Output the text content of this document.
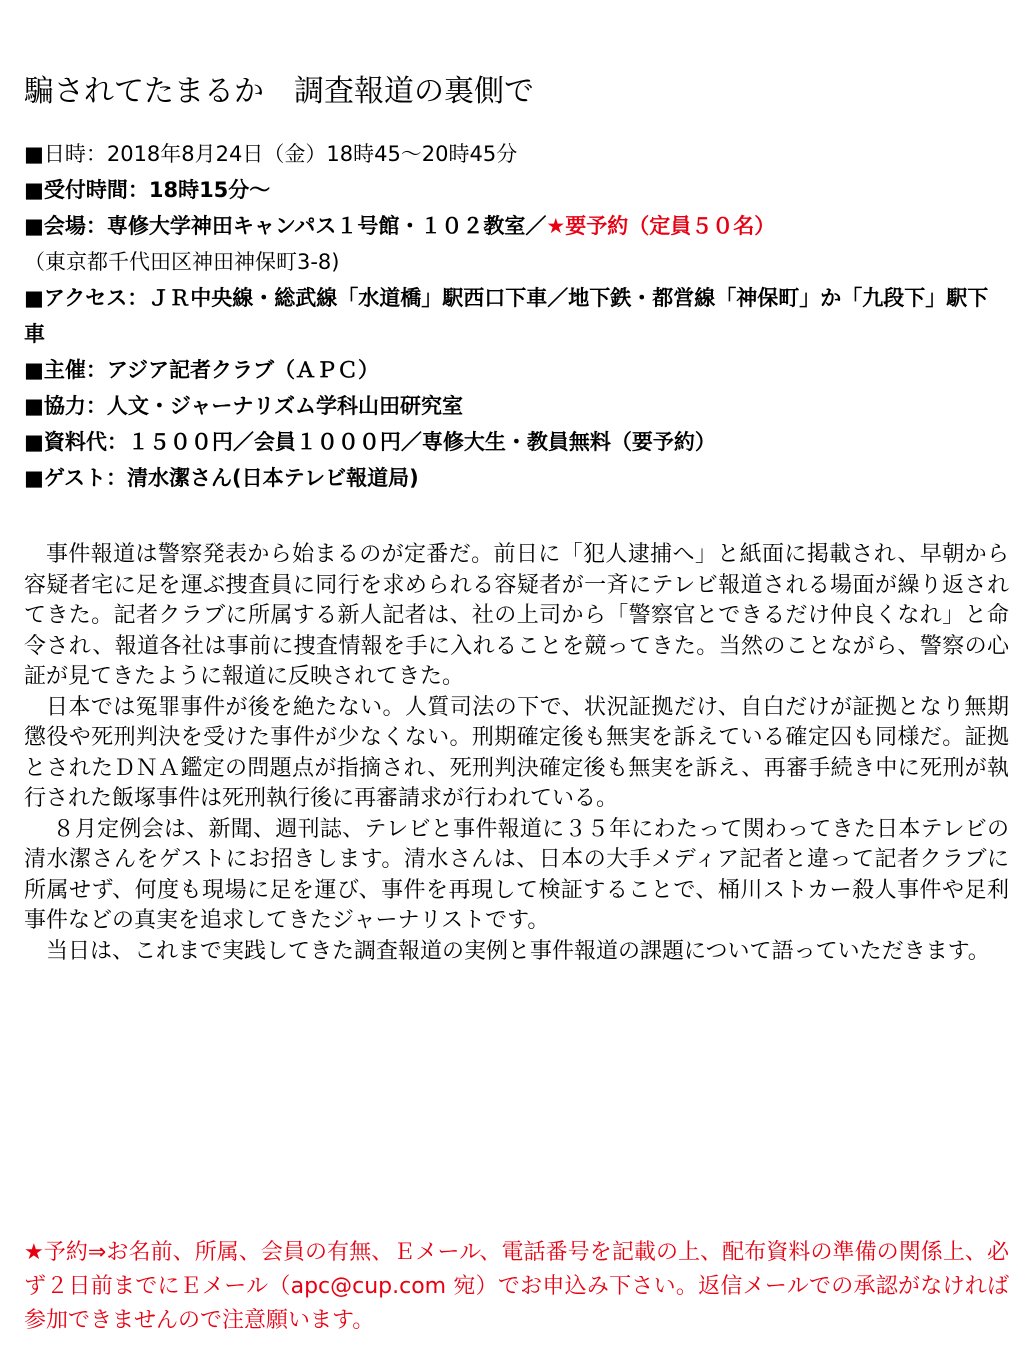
騙されてたまるか　調査報道の裏側で
■日時：2018年8月24日（金）18時45～20時45分
■受付時間：18時15分～
■会場：専修大学神田キャンパス１号館・１０２教室／★要予約（定員５０名）
（東京都千代田区神田神保町3-8)
■アクセス：ＪＲ中央線・総武線「水道橋」駅西口下車／地下鉄・都営線「神保町」か「九段下」駅下車
■主催：アジア記者クラブ（ＡＰＣ）
■協力：人文・ジャーナリズム学科山田研究室
■資料代：１５００円／会員１０００円／専修大生・教員無料（要予約）
■ゲスト：清水潔さん(日本テレビ報道局)

事件報道は警察発表から始まるのが定番だ。前日に「犯人逮捕へ」と紙面に掲載され、早朝から容疑者宅に足を運ぶ捜査員に同行を求められる容疑者が一斉にテレビ報道される場面が繰り返されてきた。記者クラブに所属する新人記者は、社の上司から「警察官とできるだけ仲良くなれ」と命令され、報道各社は事前に捜査情報を手に入れることを競ってきた。当然のことながら、警察の心証が見てきたように報道に反映されてきた。

日本では冤罪事件が後を絶たない。人質司法の下で、状況証拠だけ、自白だけが証拠となり無期懲役や死刑判決を受けた事件が少なくない。刑期確定後も無実を訴えている確定囚も同様だ。証拠とされたＤＮＡ鑑定の問題点が指摘され、死刑判決確定後も無実を訴え、再審手続き中に死刑が執行された飯塚事件は死刑執行後に再審請求が行われている。

８月定例会は、新聞、週刊誌、テレビと事件報道に３５年にわたって関わってきた日本テレビの清水潔さんをゲストにお招きします。清水さんは、日本の大手メディア記者と違って記者クラブに所属せず、何度も現場に足を運び、事件を再現して検証することで、桶川ストカー殺人事件や足利事件などの真実を追求してきたジャーナリストです。

当日は、これまで実践してきた調査報道の実例と事件報道の課題について語っていただきます。

★予約⇒お名前、所属、会員の有無、Ｅメール、電話番号を記載の上、配布資料の準備の関係上、必ず２日前までにＥメール（apc@cup.com 宛）でお申込み下さい。返信メールでの承認がなければ参加できませんので注意願います。
